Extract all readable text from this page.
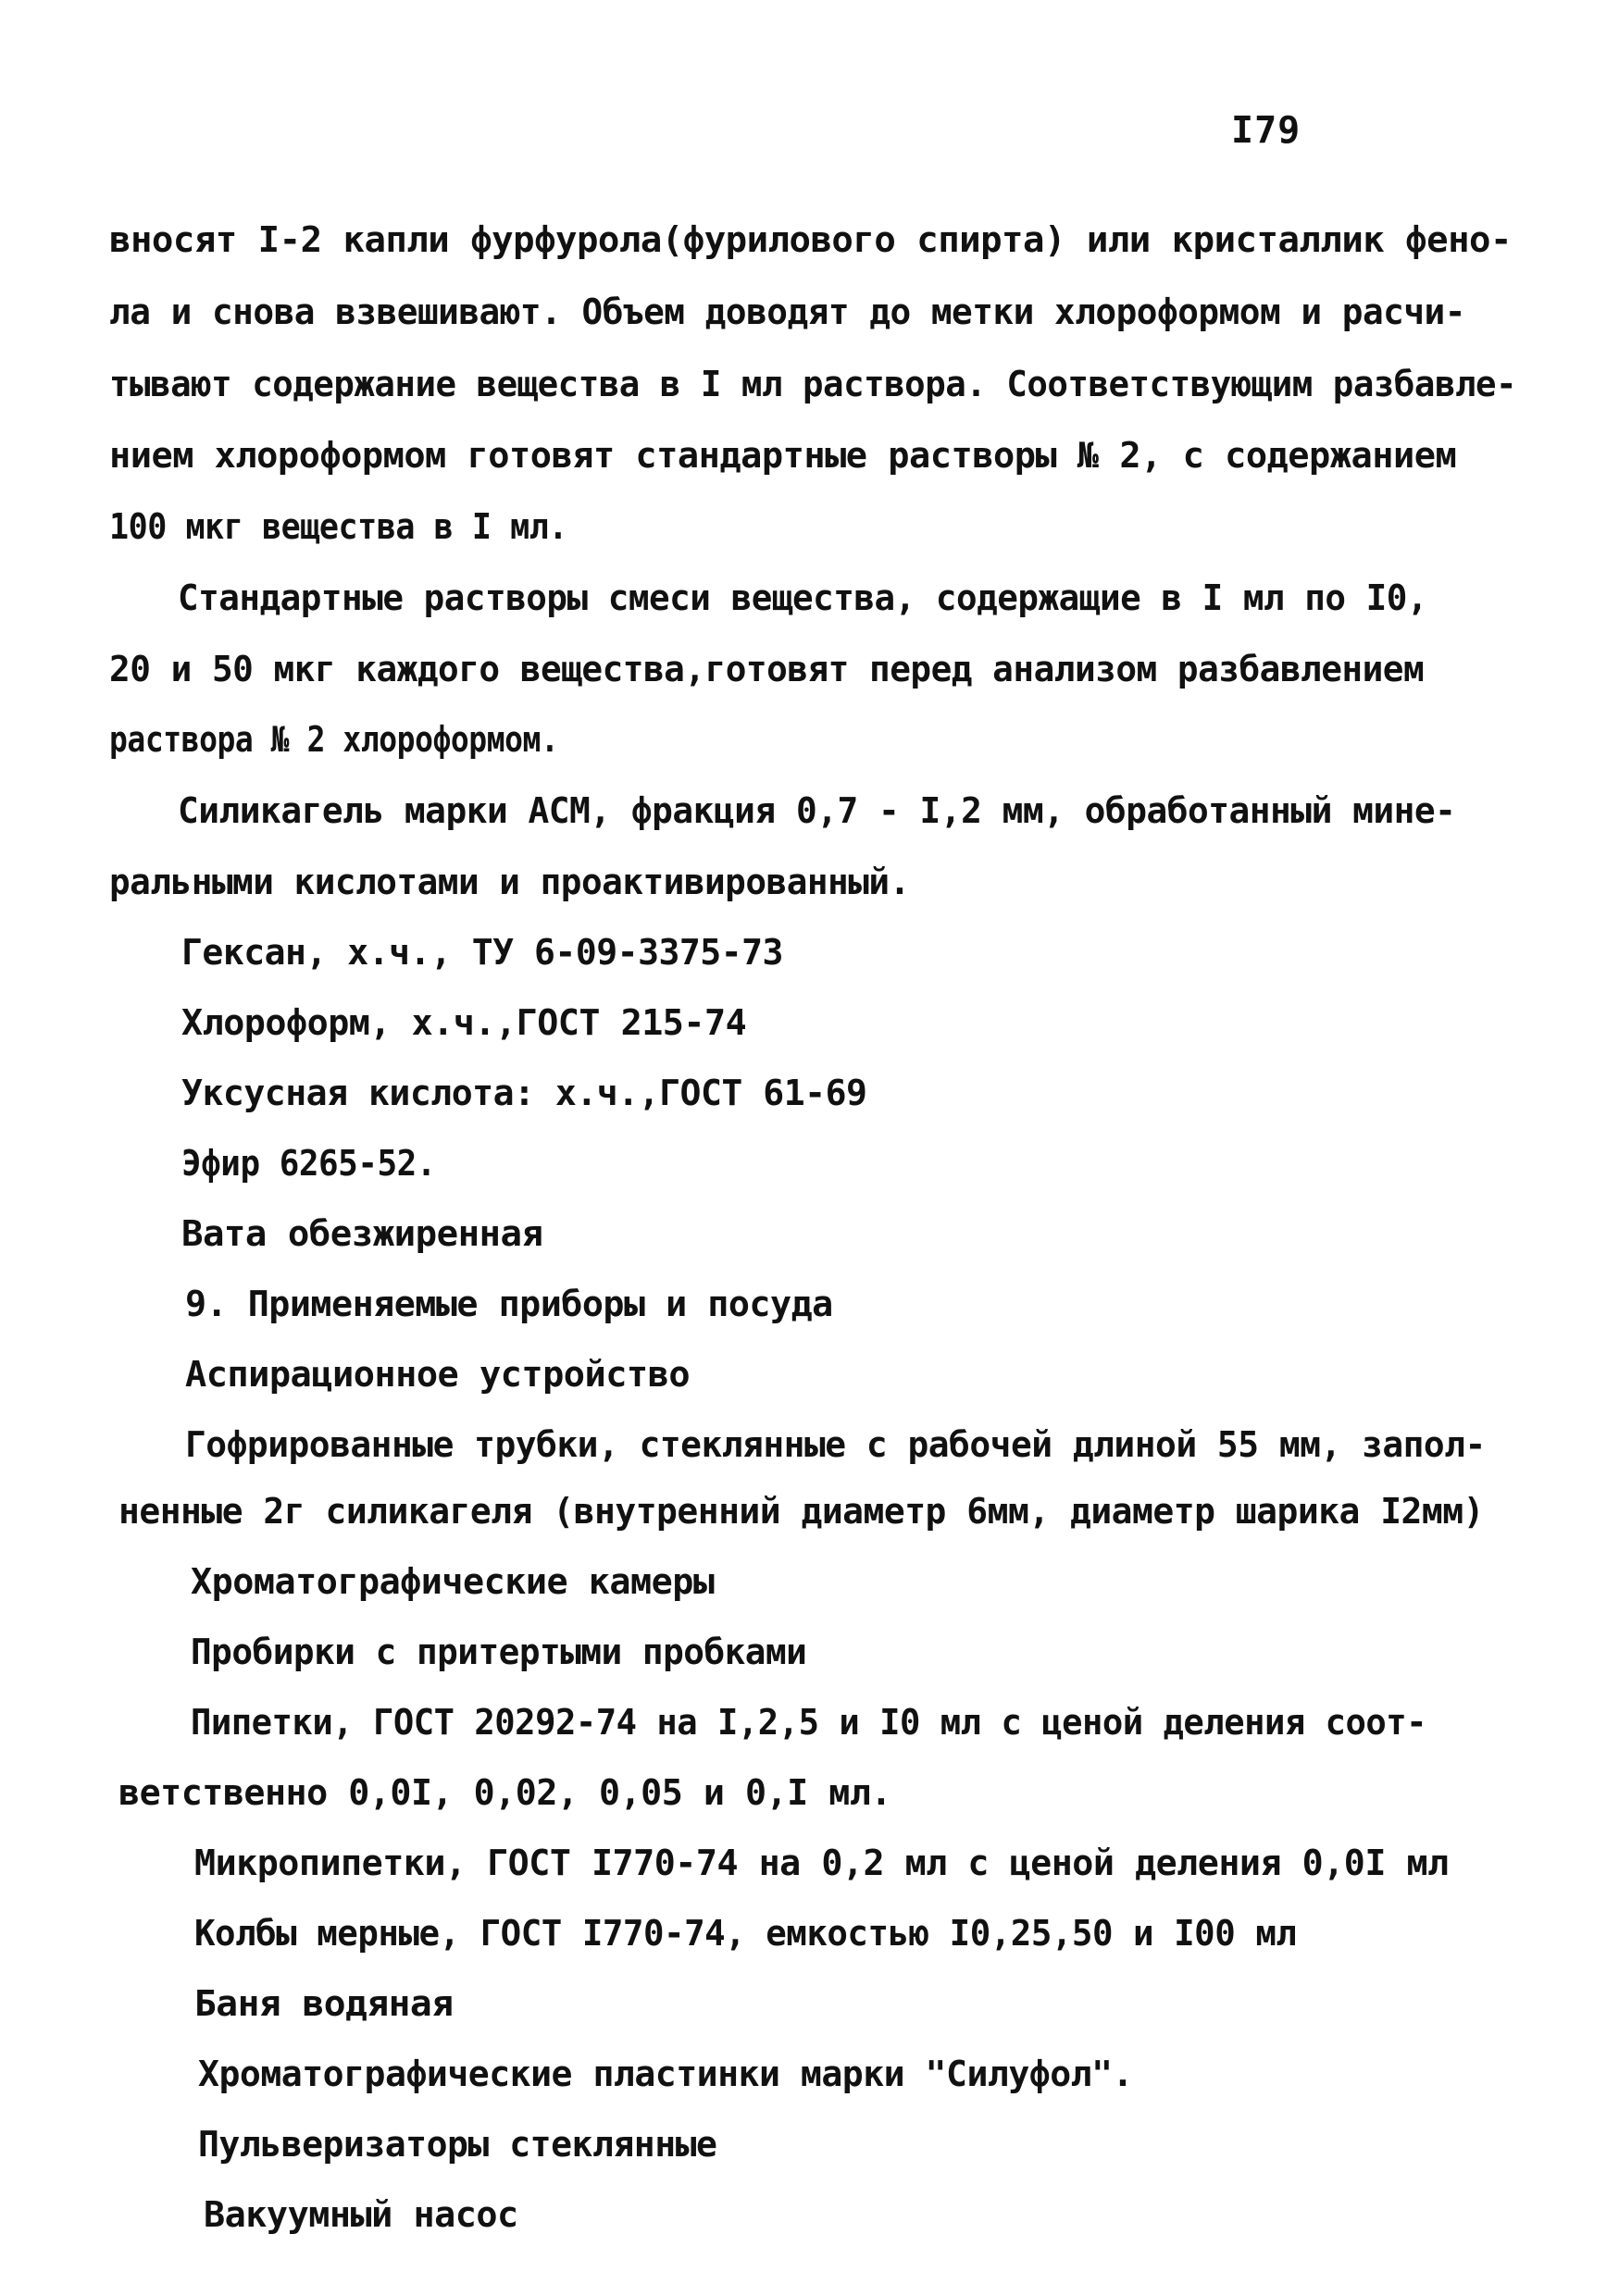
I79
вносят I-2 капли фурфурола(фурилового спирта) или кристаллик фено-
ла и снова взвешивают. Объем доводят до метки хлороформом и расчи-
тывают содержание вещества в I мл раствора. Соответствующим разбавле-
нием хлороформом готовят стандартные растворы № 2, с содержанием
100 мкг вещества в I мл.
Стандартные растворы смеси вещества, содержащие в I мл по I0,
20 и 50 мкг каждого вещества,готовят перед анализом разбавлением
раствора № 2 хлороформом.
Силикагель марки АСМ, фракция 0,7 - I,2 мм, обработанный мине-
ральными кислотами и проактивированный.
Гексан, х.ч., ТУ 6-09-3375-73
Хлороформ, х.ч.,ГОСТ 215-74
Уксусная кислота: х.ч.,ГОСТ 61-69
Эфир 6265-52.
Вата обезжиренная
9. Применяемые приборы и посуда
Аспирационное устройство
Гофрированные трубки, стеклянные с рабочей длиной 55 мм, запол-
ненные 2г силикагеля (внутренний диаметр 6мм, диаметр шарика I2мм)
Хроматографические камеры
Пробирки с притертыми пробками
Пипетки, ГОСТ 20292-74 на I,2,5 и I0 мл с ценой деления соот-
ветственно 0,0I, 0,02, 0,05 и 0,I мл.
Микропипетки, ГОСТ I770-74 на 0,2 мл с ценой деления 0,0I мл
Колбы мерные, ГОСТ I770-74, емкостью I0,25,50 и I00 мл
Баня водяная
Хроматографические пластинки марки "Силуфол".
Пульверизаторы стеклянные
Вакуумный насос
